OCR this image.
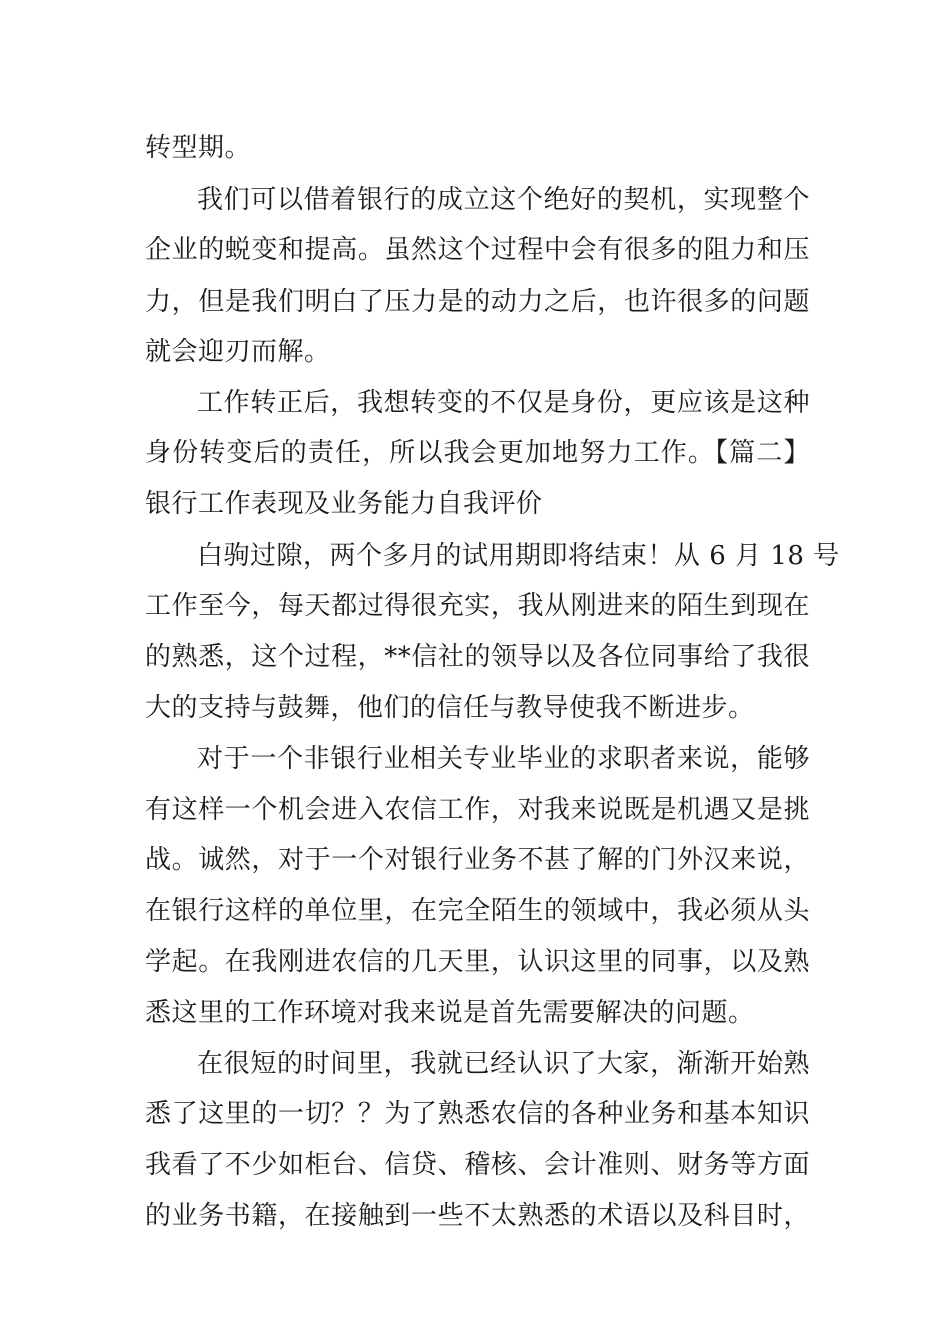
转型期。
我们可以借着银行的成立这个绝好的契机，实现整个
企业的蜕变和提高。虽然这个过程中会有很多的阻力和压
力，但是我们明白了压力是的动力之后，也许很多的问题
就会迎刃而解。
工作转正后，我想转变的不仅是身份，更应该是这种
身份转变后的责任，所以我会更加地努力工作。【篇二】
银行工作表现及业务能力自我评价
白驹过隙，两个多月的试用期即将结束！从 6 月 18 号
工作至今，每天都过得很充实，我从刚进来的陌生到现在
的熟悉，这个过程，**信社的领导以及各位同事给了我很
大的支持与鼓舞，他们的信任与教导使我不断进步。
对于一个非银行业相关专业毕业的求职者来说，能够
有这样一个机会进入农信工作，对我来说既是机遇又是挑
战。诚然，对于一个对银行业务不甚了解的门外汉来说，
在银行这样的单位里，在完全陌生的领域中，我必须从头
学起。在我刚进农信的几天里，认识这里的同事，以及熟
悉这里的工作环境对我来说是首先需要解决的问题。
在很短的时间里，我就已经认识了大家，渐渐开始熟
悉了这里的一切？？为了熟悉农信的各种业务和基本知识
我看了不少如柜台、信贷、稽核、会计准则、财务等方面
的业务书籍，在接触到一些不太熟悉的术语以及科目时，
